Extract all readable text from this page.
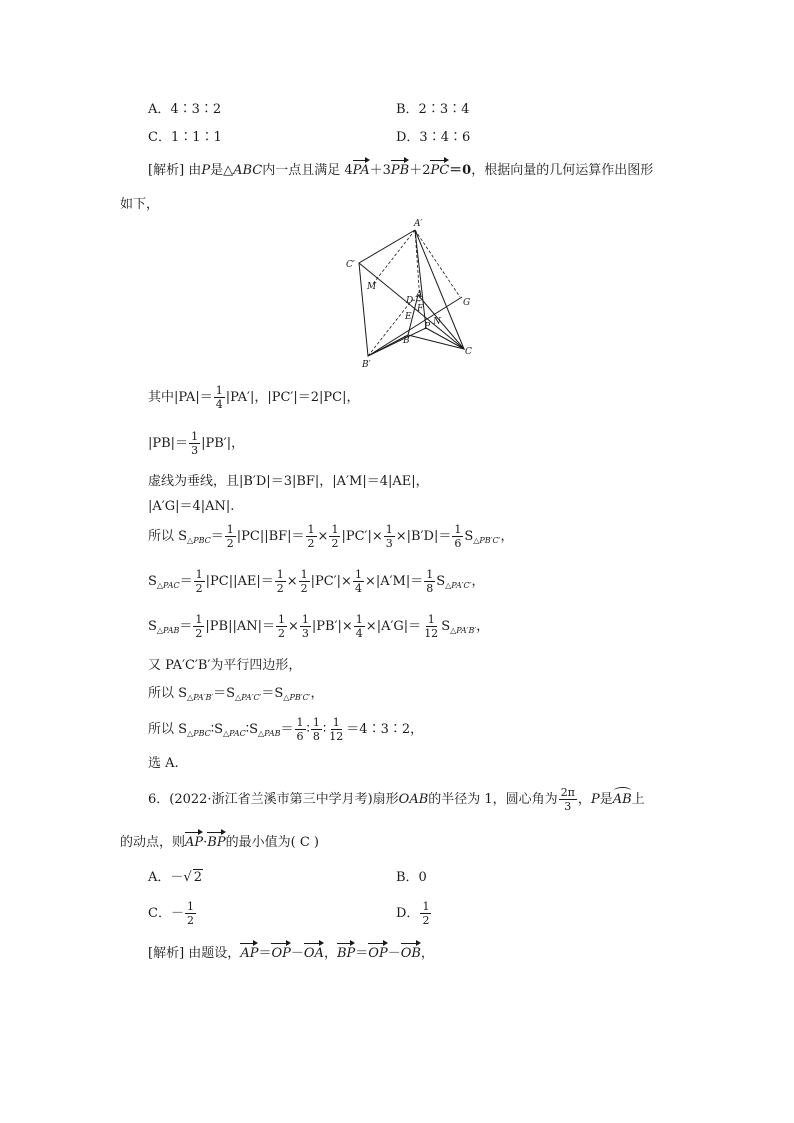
A．4∶3∶2	B．2∶3∶4
C．1∶1∶1	D．3∶4∶6
[解析] 由P是△ABC内一点且满足 4PA＋3PB＋2PC＝0，根据向量的几何运算作出图形
如下，
A′
C′
B′
M
D
A
F
E N
P
B
C
G
其中$|PA|= \frac{1}{4} |PA'|$，|PC′|＝2|PC|，
$|PB|= \frac{1}{3} |PB'|$，
虚线为垂线，且|B′D|＝3|BF|，|A′M|＝4|AE|，
|A′G|＝4|AN|.
所以 $S_{\triangle PBC}= \frac{1}{2} |PC||BF|= \frac{1}{2} \times \frac{1}{2} |PC'|\times \frac{1}{3} \times|B'D|= \frac{1}{6} S_{\triangle PB'C'}$，
$S_{\triangle PAC}= \frac{1}{2} |PC||AE|= \frac{1}{2} \times \frac{1}{2} |PC'|\times \frac{1}{4} \times|A'M|= \frac{1}{8} S_{\triangle PA'C'}$，
$S_{\triangle PAB}= \frac{1}{2} |PB||AN|= \frac{1}{2} \times \frac{1}{3} |PB'|\times \frac{1}{4} \times|A'G|= \frac{1}{12} S_{\triangle PA'B'}$，
又 PA′C′B′为平行四边形，
所以 $S_{\triangle PA'B'}=S_{\triangle PA'C'}=S_{\triangle PB'C'}$，
所以 $S_{\triangle PBC}∶S_{\triangle PAC}∶S_{\triangle PAB}= \frac{1}{6}$ ∶ $\frac{1}{8}$ ∶ $\frac{1}{12}$ ＝4∶3∶2，
选 A.
6．(2022·浙江省兰溪市第三中学月考)扇形OAB的半径为 1，圆心角为 $\frac{2\pi}{3}$ ，P是AB上
的动点，则AP·BP的最小值为( C )
A．－√ 2	B．0
C．－ $\frac{1}{2}$	D． $\frac{1}{2}$
[解析] 由题设，AP＝OP－OA，BP＝OP－OB，
